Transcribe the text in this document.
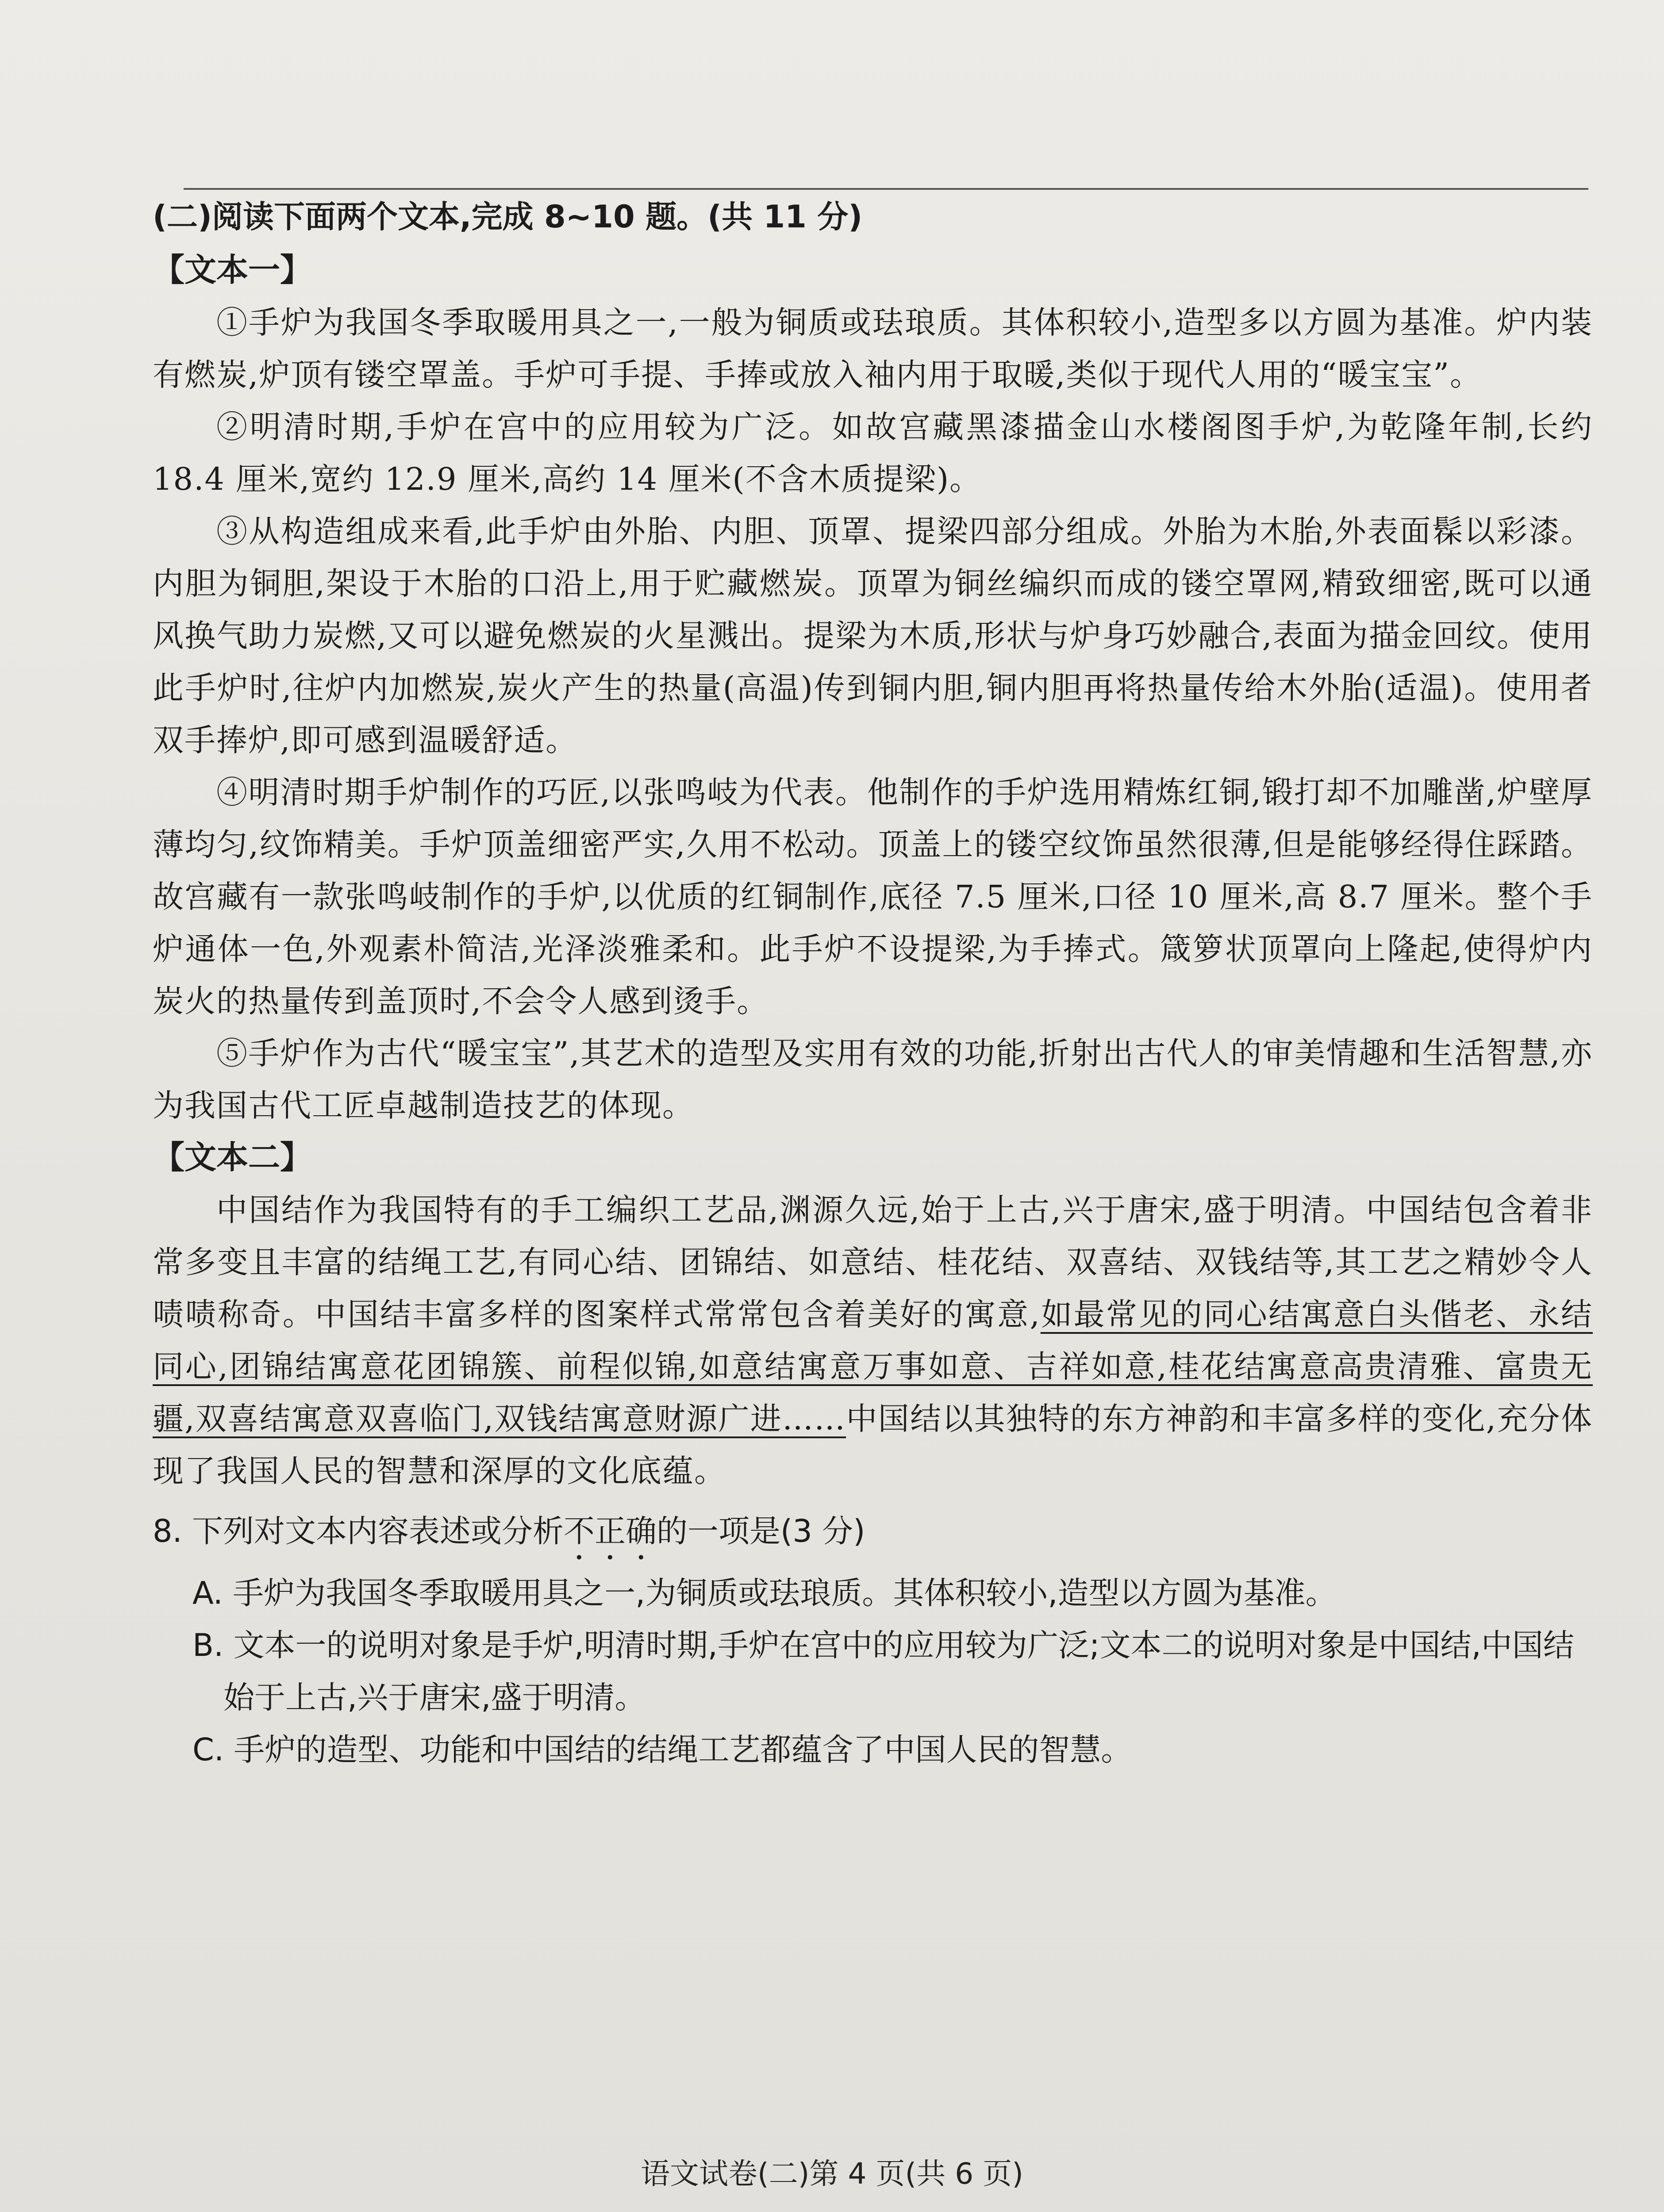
(二)阅读下面两个文本,完成 8~10 题。(共 11 分)
【文本一】

①手炉为我国冬季取暖用具之一,一般为铜质或珐琅质。其体积较小,造型多以方圆为基准。炉内装有燃炭,炉顶有镂空罩盖。手炉可手提、手捧或放入袖内用于取暖,类似于现代人用的“暖宝宝”。

②明清时期,手炉在宫中的应用较为广泛。如故宫藏黑漆描金山水楼阁图手炉,为乾隆年制,长约 18.4 厘米,宽约 12.9 厘米,高约 14 厘米(不含木质提梁)。

③从构造组成来看,此手炉由外胎、内胆、顶罩、提梁四部分组成。外胎为木胎,外表面髹以彩漆。内胆为铜胆,架设于木胎的口沿上,用于贮藏燃炭。顶罩为铜丝编织而成的镂空罩网,精致细密,既可以通风换气助力炭燃,又可以避免燃炭的火星溅出。提梁为木质,形状与炉身巧妙融合,表面为描金回纹。使用此手炉时,往炉内加燃炭,炭火产生的热量(高温)传到铜内胆,铜内胆再将热量传给木外胎(适温)。使用者双手捧炉,即可感到温暖舒适。

④明清时期手炉制作的巧匠,以张鸣岐为代表。他制作的手炉选用精炼红铜,锻打却不加雕凿,炉壁厚薄均匀,纹饰精美。手炉顶盖细密严实,久用不松动。顶盖上的镂空纹饰虽然很薄,但是能够经得住踩踏。故宫藏有一款张鸣岐制作的手炉,以优质的红铜制作,底径 7.5 厘米,口径 10 厘米,高 8.7 厘米。整个手炉通体一色,外观素朴简洁,光泽淡雅柔和。此手炉不设提梁,为手捧式。箴箩状顶罩向上隆起,使得炉内炭火的热量传到盖顶时,不会令人感到烫手。

⑤手炉作为古代“暖宝宝”,其艺术的造型及实用有效的功能,折射出古代人的审美情趣和生活智慧,亦为我国古代工匠卓越制造技艺的体现。

【文本二】

中国结作为我国特有的手工编织工艺品,渊源久远,始于上古,兴于唐宋,盛于明清。中国结包含着非常多变且丰富的结绳工艺,有同心结、团锦结、如意结、桂花结、双喜结、双钱结等,其工艺之精妙令人啧啧称奇。中国结丰富多样的图案样式常常包含着美好的寓意,如最常见的同心结寓意白头偕老、永结同心,团锦结寓意花团锦簇、前程似锦,如意结寓意万事如意、吉祥如意,桂花结寓意高贵清雅、富贵无疆,双喜结寓意双喜临门,双钱结寓意财源广进……中国结以其独特的东方神韵和丰富多样的变化,充分体现了我国人民的智慧和深厚的文化底蕴。

8. 下列对文本内容表述或分析不正确的一项是(3 分)

A. 手炉为我国冬季取暖用具之一,为铜质或珐琅质。其体积较小,造型以方圆为基准。

B. 文本一的说明对象是手炉,明清时期,手炉在宫中的应用较为广泛;文本二的说明对象是中国结,中国结始于上古,兴于唐宋,盛于明清。

C. 手炉的造型、功能和中国结的结绳工艺都蕴含了中国人民的智慧。

语文试卷(二)第 4 页(共 6 页)
